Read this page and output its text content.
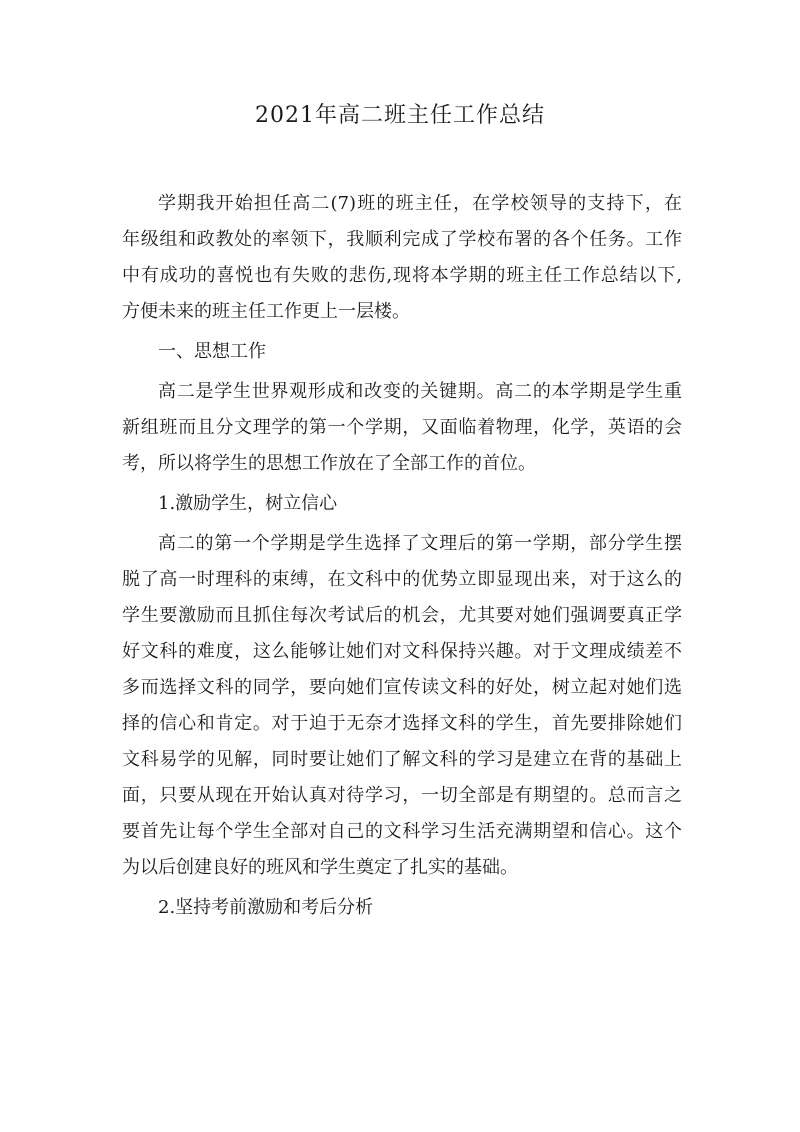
2021年高二班主任工作总结

学期我开始担任高二(7)班的班主任，在学校领导的支持下，在
年级组和政教处的率领下，我顺利完成了学校布署的各个任务。工作
中有成功的喜悦也有失败的悲伤,现将本学期的班主任工作总结以下,
方便未来的班主任工作更上一层楼。

一、思想工作

高二是学生世界观形成和改变的关键期。高二的本学期是学生重
新组班而且分文理学的第一个学期，又面临着物理，化学，英语的会
考，所以将学生的思想工作放在了全部工作的首位。

1.激励学生，树立信心

高二的第一个学期是学生选择了文理后的第一学期，部分学生摆
脱了高一时理科的束缚，在文科中的优势立即显现出来，对于这么的
学生要激励而且抓住每次考试后的机会，尤其要对她们强调要真正学
好文科的难度，这么能够让她们对文科保持兴趣。对于文理成绩差不
多而选择文科的同学，要向她们宣传读文科的好处，树立起对她们选
择的信心和肯定。对于迫于无奈才选择文科的学生，首先要排除她们
文科易学的见解，同时要让她们了解文科的学习是建立在背的基础上
面，只要从现在开始认真对待学习，一切全部是有期望的。总而言之
要首先让每个学生全部对自己的文科学习生活充满期望和信心。这个
为以后创建良好的班风和学生奠定了扎实的基础。

2.坚持考前激励和考后分析
